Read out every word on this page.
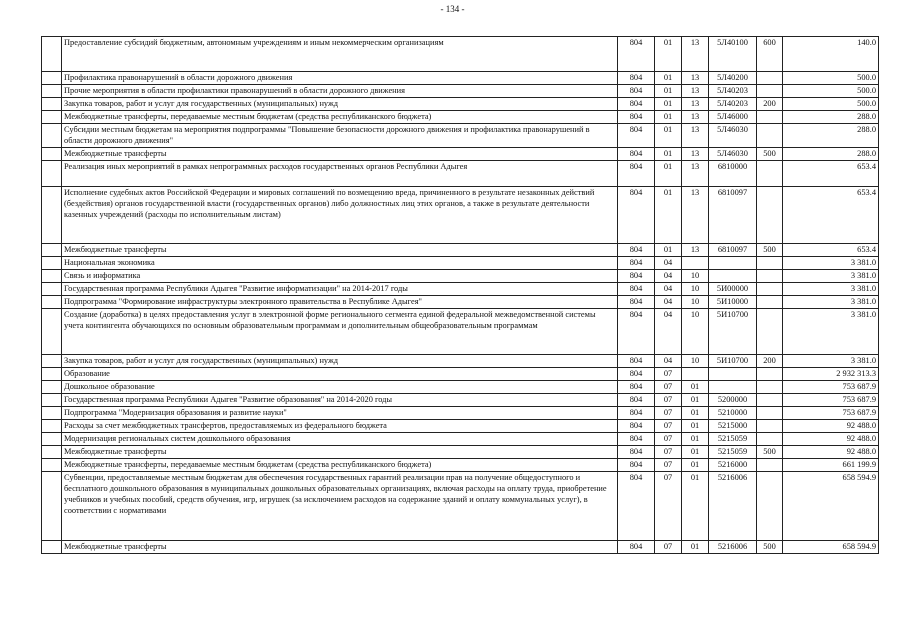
- 134 -
	Предоставление субсидий бюджетным, автономным учреждениям и иным некоммерческим организациям	804	01	13	5Л40100	600	140.0
	Профилактика правонарушений в области дорожного движения	804	01	13	5Л40200		500.0
	Прочие мероприятия в области профилактики правонарушений в области дорожного движения	804	01	13	5Л40203		500.0
	Закупка товаров, работ и услуг для государственных (муниципальных) нужд	804	01	13	5Л40203	200	500.0
	Межбюджетные трансферты, передаваемые местным бюджетам (средства республиканского бюджета)	804	01	13	5Л46000		288.0
	Субсидии местным бюджетам на мероприятия подпрограммы "Повышение безопасности дорожного движения и профилактика правонарушений в области дорожного движения"	804	01	13	5Л46030		288.0
	Межбюджетные трансферты	804	01	13	5Л46030	500	288.0
	Реализация иных мероприятий в рамках непрограммных расходов государственных органов Республики Адыгея	804	01	13	6810000		653.4
	Исполнение судебных актов Российской Федерации и мировых соглашений по возмещению вреда, причиненного в результате незаконных действий (бездействия) органов государственной власти (государственных органов) либо должностных лиц этих органов, а также в результате деятельности казенных учреждений (расходы по исполнительным листам)	804	01	13	6810097		653.4
	Межбюджетные трансферты	804	01	13	6810097	500	653.4
	Национальная экономика	804	04				3 381.0
	Связь и информатика	804	04	10			3 381.0
	Государственная программа Республики Адыгея "Развитие информатизации" на 2014-2017 годы	804	04	10	5И00000		3 381.0
	Подпрограмма "Формирование инфраструктуры электронного правительства в Республике Адыгея"	804	04	10	5И10000		3 381.0
	Создание (доработка) в целях предоставления услуг в электронной форме регионального сегмента единой федеральной межведомственной системы учета контингента обучающихся по основным образовательным программам и дополнительным общеобразовательным программам	804	04	10	5И10700		3 381.0
	Закупка товаров, работ и услуг для государственных (муниципальных) нужд	804	04	10	5И10700	200	3 381.0
	Образование	804	07				2 932 313.3
	Дошкольное образование	804	07	01			753 687.9
	Государственная программа Республики Адыгея "Развитие образования" на 2014-2020 годы	804	07	01	5200000		753 687.9
	Подпрограмма "Модернизация образования и развитие науки"	804	07	01	5210000		753 687.9
	Расходы за счет межбюджетных трансфертов, предоставляемых из федерального бюджета	804	07	01	5215000		92 488.0
	Модернизация региональных систем дошкольного образования	804	07	01	5215059		92 488.0
	Межбюджетные трансферты	804	07	01	5215059	500	92 488.0
	Межбюджетные трансферты, передаваемые местным бюджетам (средства республиканского бюджета)	804	07	01	5216000		661 199.9
	Субвенции, предоставляемые местным бюджетам для обеспечения государственных гарантий реализации прав на получение общедоступного и бесплатного дошкольного образования в муниципальных дошкольных образовательных организациях, включая расходы на оплату труда, приобретение учебников и учебных пособий, средств обучения, игр, игрушек (за исключением расходов на содержание зданий и оплату коммунальных услуг), в соответствии с нормативами	804	07	01	5216006		658 594.9
	Межбюджетные трансферты	804	07	01	5216006	500	658 594.9
